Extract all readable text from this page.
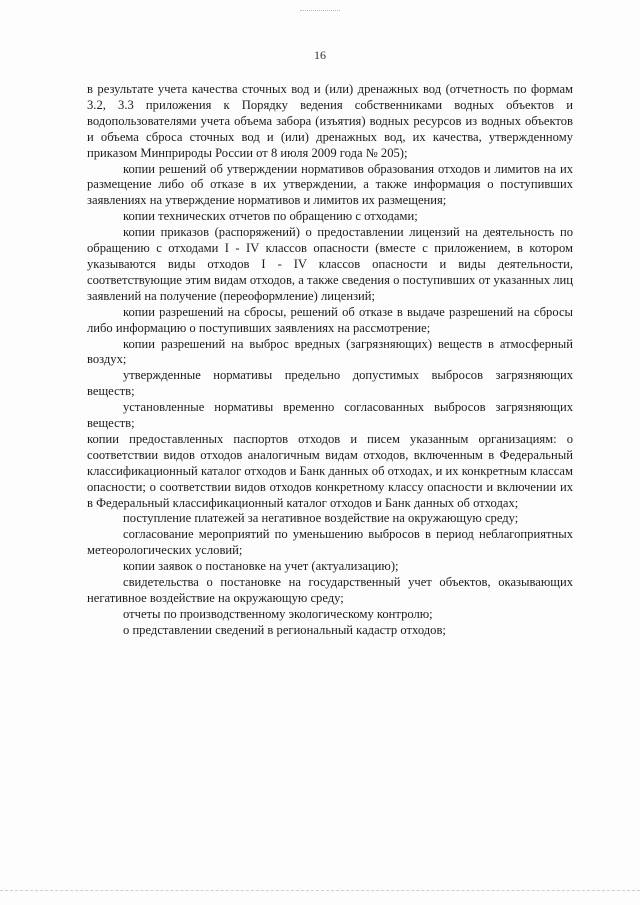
16

в результате учета качества сточных вод и (или) дренажных вод (отчетность по формам 3.2, 3.3 приложения к Порядку ведения собственниками водных объектов и водопользователями учета объема забора (изъятия) водных ресурсов из водных объектов и объема сброса сточных вод и (или) дренажных вод, их качества, утвержденному приказом Минприроды России от 8 июля 2009 года № 205);

копии решений об утверждении нормативов образования отходов и лимитов на их размещение либо об отказе в их утверждении, а также информация о поступивших заявлениях на утверждение нормативов и лимитов их размещения;

копии технических отчетов по обращению с отходами;

копии приказов (распоряжений) о предоставлении лицензий на деятельность по обращению с отходами I - IV классов опасности (вместе с приложением, в котором указываются виды отходов I - IV классов опасности и виды деятельности, соответствующие этим видам отходов, а также сведения о поступивших от указанных лиц заявлений на получение (переоформление) лицензий;

копии разрешений на сбросы, решений об отказе в выдаче разрешений на сбросы либо информацию о поступивших заявлениях на рассмотрение;

копии разрешений на выброс вредных (загрязняющих) веществ в атмосферный воздух;

утвержденные нормативы предельно допустимых выбросов загрязняющих веществ;

установленные нормативы временно согласованных выбросов загрязняющих веществ;

копии предоставленных паспортов отходов и писем указанным организациям: о соответствии видов отходов аналогичным видам отходов, включенным в Федеральный классификационный каталог отходов и Банк данных об отходах, и их конкретным классам опасности; о соответствии видов отходов конкретному классу опасности и включении их в Федеральный классификационный каталог отходов и Банк данных об отходах;

поступление платежей за негативное воздействие на окружающую среду;

согласование мероприятий по уменьшению выбросов в период неблагоприятных метеорологических условий;

копии заявок о постановке на учет (актуализацию);

свидетельства о постановке на государственный учет объектов, оказывающих негативное воздействие на окружающую среду;

отчеты по производственному экологическому контролю;

о представлении сведений в региональный кадастр отходов;
